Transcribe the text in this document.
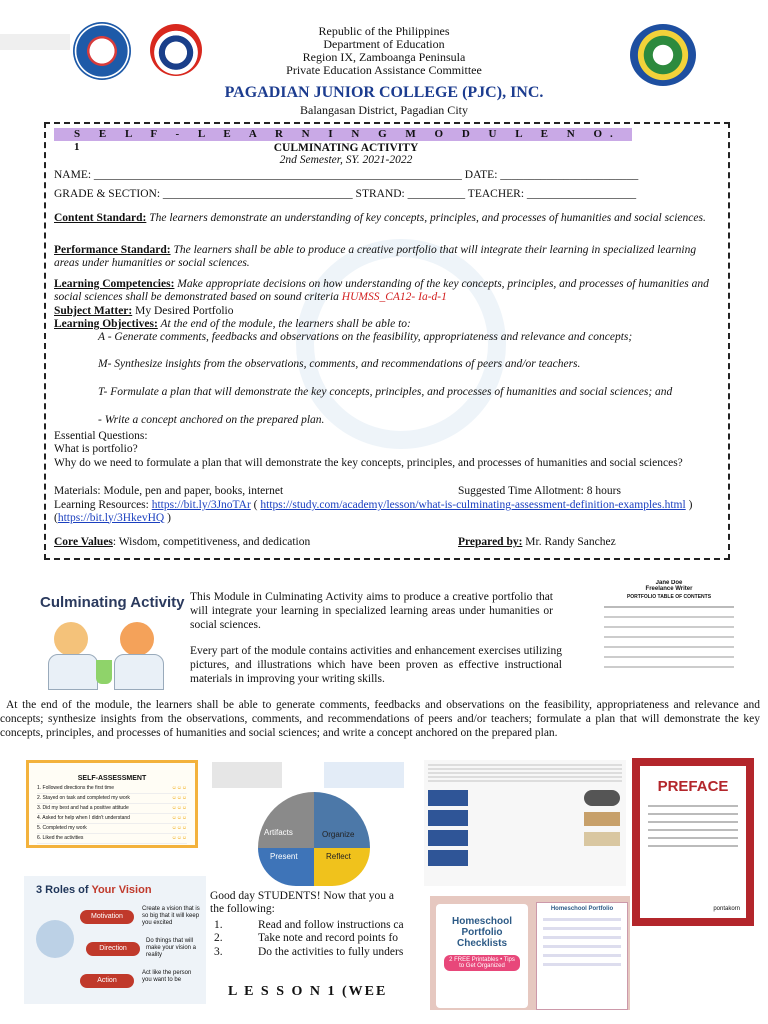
Republic of the Philippines
Department of Education
Region IX, Zamboanga Peninsula
Private Education Assistance Committee
PAGADIAN JUNIOR COLLEGE (PJC), INC.
Balangasan District, Pagadian City
S E L F - L E A R N I N G M O D U L E N O. 1	CULMINATING ACTIVITY
2nd Semester, SY. 2021-2022
NAME: ________________________________________________________________ DATE: ________________________
GRADE & SECTION: _________________________________ STRAND: __________ TEACHER: ___________________
Content Standard: The learners demonstrate an understanding of key concepts, principles, and processes of humanities and social sciences.
Performance Standard: The learners shall be able to produce a creative portfolio that will integrate their learning in specialized learning areas under humanities or social sciences.
Learning Competencies: Make appropriate decisions on how understanding of the key concepts, principles, and processes of humanities and social sciences shall be demonstrated based on sound criteria HUMSS_CA12- Ia-d-1
Subject Matter: My Desired Portfolio
Learning Objectives: At the end of the module, the learners shall be able to:
A - Generate comments, feedbacks and observations on the feasibility, appropriateness and relevance and concepts;
M- Synthesize insights from the observations, comments, and recommendations of peers and/or teachers.
T- Formulate a plan that will demonstrate the key concepts, principles, and processes of humanities and social sciences; and
- Write a concept anchored on the prepared plan.
Essential Questions:
What is portfolio?
Why do we need to formulate a plan that will demonstrate the key concepts, principles, and processes of humanities and social sciences?
Materials: Module, pen and paper, books, internet	Suggested Time Allotment: 8 hours
Learning Resources: https://bit.ly/3JnoTAr ( https://study.com/academy/lesson/what-is-culminating-assessment-definition-examples.html ) (https://bit.ly/3HkevHQ )
Core Values: Wisdom, competitiveness, and dedication	Prepared by: Mr. Randy Sanchez
Culminating Activity This Module in Culminating Activity aims to produce a creative portfolio that will integrate your learning in specialized learning areas under humanities or social sciences.
Every part of the module contains activities and enhancement exercises utilizing pictures, and illustrations which have been proven as effective instructional materials in improving your writing skills.
Jane Doe
Freelance Writer
PORTFOLIO TABLE OF CONTENTS
At the end of the module, the learners shall be able to generate comments, feedbacks and observations on the feasibility, appropriateness and relevance and concepts; synthesize insights from the observations, comments, and recommendations of peers and/or teachers; formulate a plan that will demonstrate the key concepts, principles, and processes of humanities and social sciences; and write a concept anchored on the prepared plan.
SELF-ASSESSMENT
1. Followed directions the first time	☺☺☺
2. Stayed on task and completed my work	☺☺☺
3. Did my best and had a positive attitude	☺☺☺
4. Asked for help when I didn't understand	☺☺☺
5. Completed my work	☺☺☺
6. Liked the activities	☺☺☺
Artifacts	Organize
Present	Reflect
PREFACE
pontakorn
3 Roles of Your Vision
Motivation
Direction
Action
Create a vision that is so big that it will keep you excited
Do things that will make your vision a reality
Act like the person you want to be
Good day STUDENTS! Now that you a
the following:
1.	Read and follow instructions ca
2.	Take note and record points fo
3.	Do the activities to fully unders
L E S S O N 1 (WEE
Homeschool Portfolio Checklists
2 FREE Printables • Tips to Get Organized
Homeschool Portfolio
